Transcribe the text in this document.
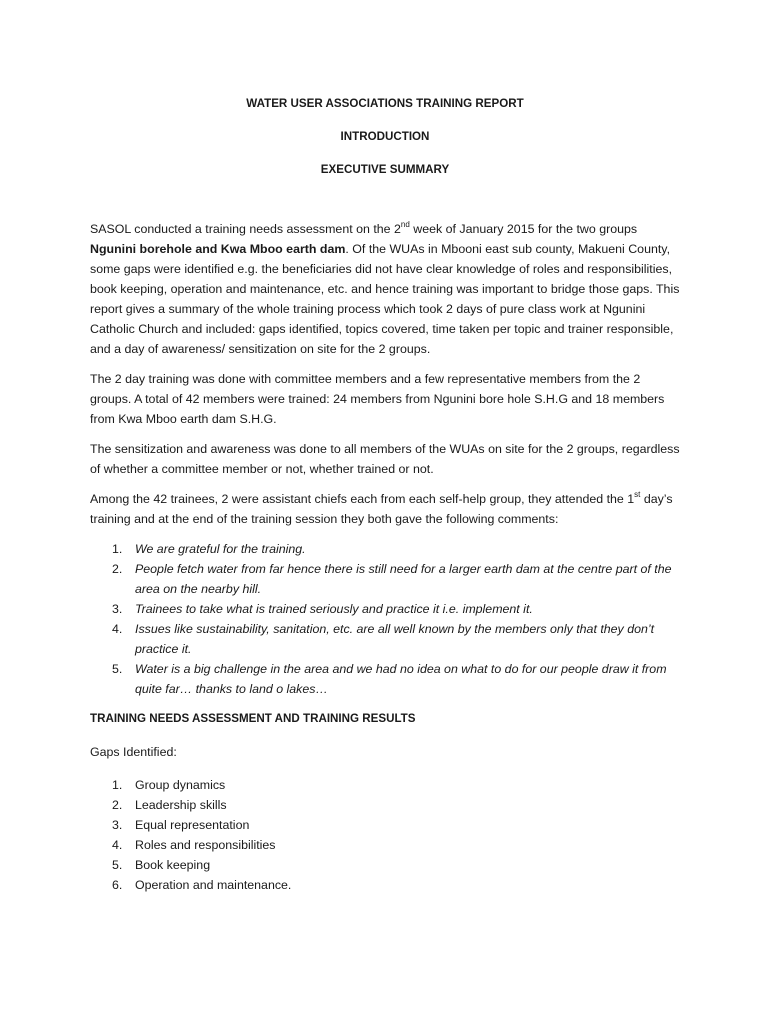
WATER USER ASSOCIATIONS TRAINING REPORT
INTRODUCTION
EXECUTIVE SUMMARY

SASOL conducted a training needs assessment on the 2nd week of January 2015 for the two groups Ngunini borehole and Kwa Mboo earth dam. Of the WUAs in Mbooni east sub county, Makueni County, some gaps were identified e.g. the beneficiaries did not have clear knowledge of roles and responsibilities, book keeping, operation and maintenance, etc. and hence training was important to bridge those gaps. This report gives a summary of the whole training process which took 2 days of pure class work at Ngunini Catholic Church and included: gaps identified, topics covered, time taken per topic and trainer responsible, and a day of awareness/ sensitization on site for the 2 groups.

The 2 day training was done with committee members and a few representative members from the 2 groups. A total of 42 members were trained: 24 members from Ngunini bore hole S.H.G and 18 members from Kwa Mboo earth dam S.H.G.

The sensitization and awareness was done to all members of the WUAs on site for the 2 groups, regardless of whether a committee member or not, whether trained or not.

Among the 42 trainees, 2 were assistant chiefs each from each self-help group, they attended the 1st day’s training and at the end of the training session they both gave the following comments:

1. We are grateful for the training.
2. People fetch water from far hence there is still need for a larger earth dam at the centre part of the area on the nearby hill.
3. Trainees to take what is trained seriously and practice it i.e. implement it.
4. Issues like sustainability, sanitation, etc. are all well known by the members only that they don’t practice it.
5. Water is a big challenge in the area and we had no idea on what to do for our people draw it from quite far… thanks to land o lakes…
TRAINING NEEDS ASSESSMENT AND TRAINING RESULTS
Gaps Identified:
1. Group dynamics
2. Leadership skills
3. Equal representation
4. Roles and responsibilities
5. Book keeping
6. Operation and maintenance.
